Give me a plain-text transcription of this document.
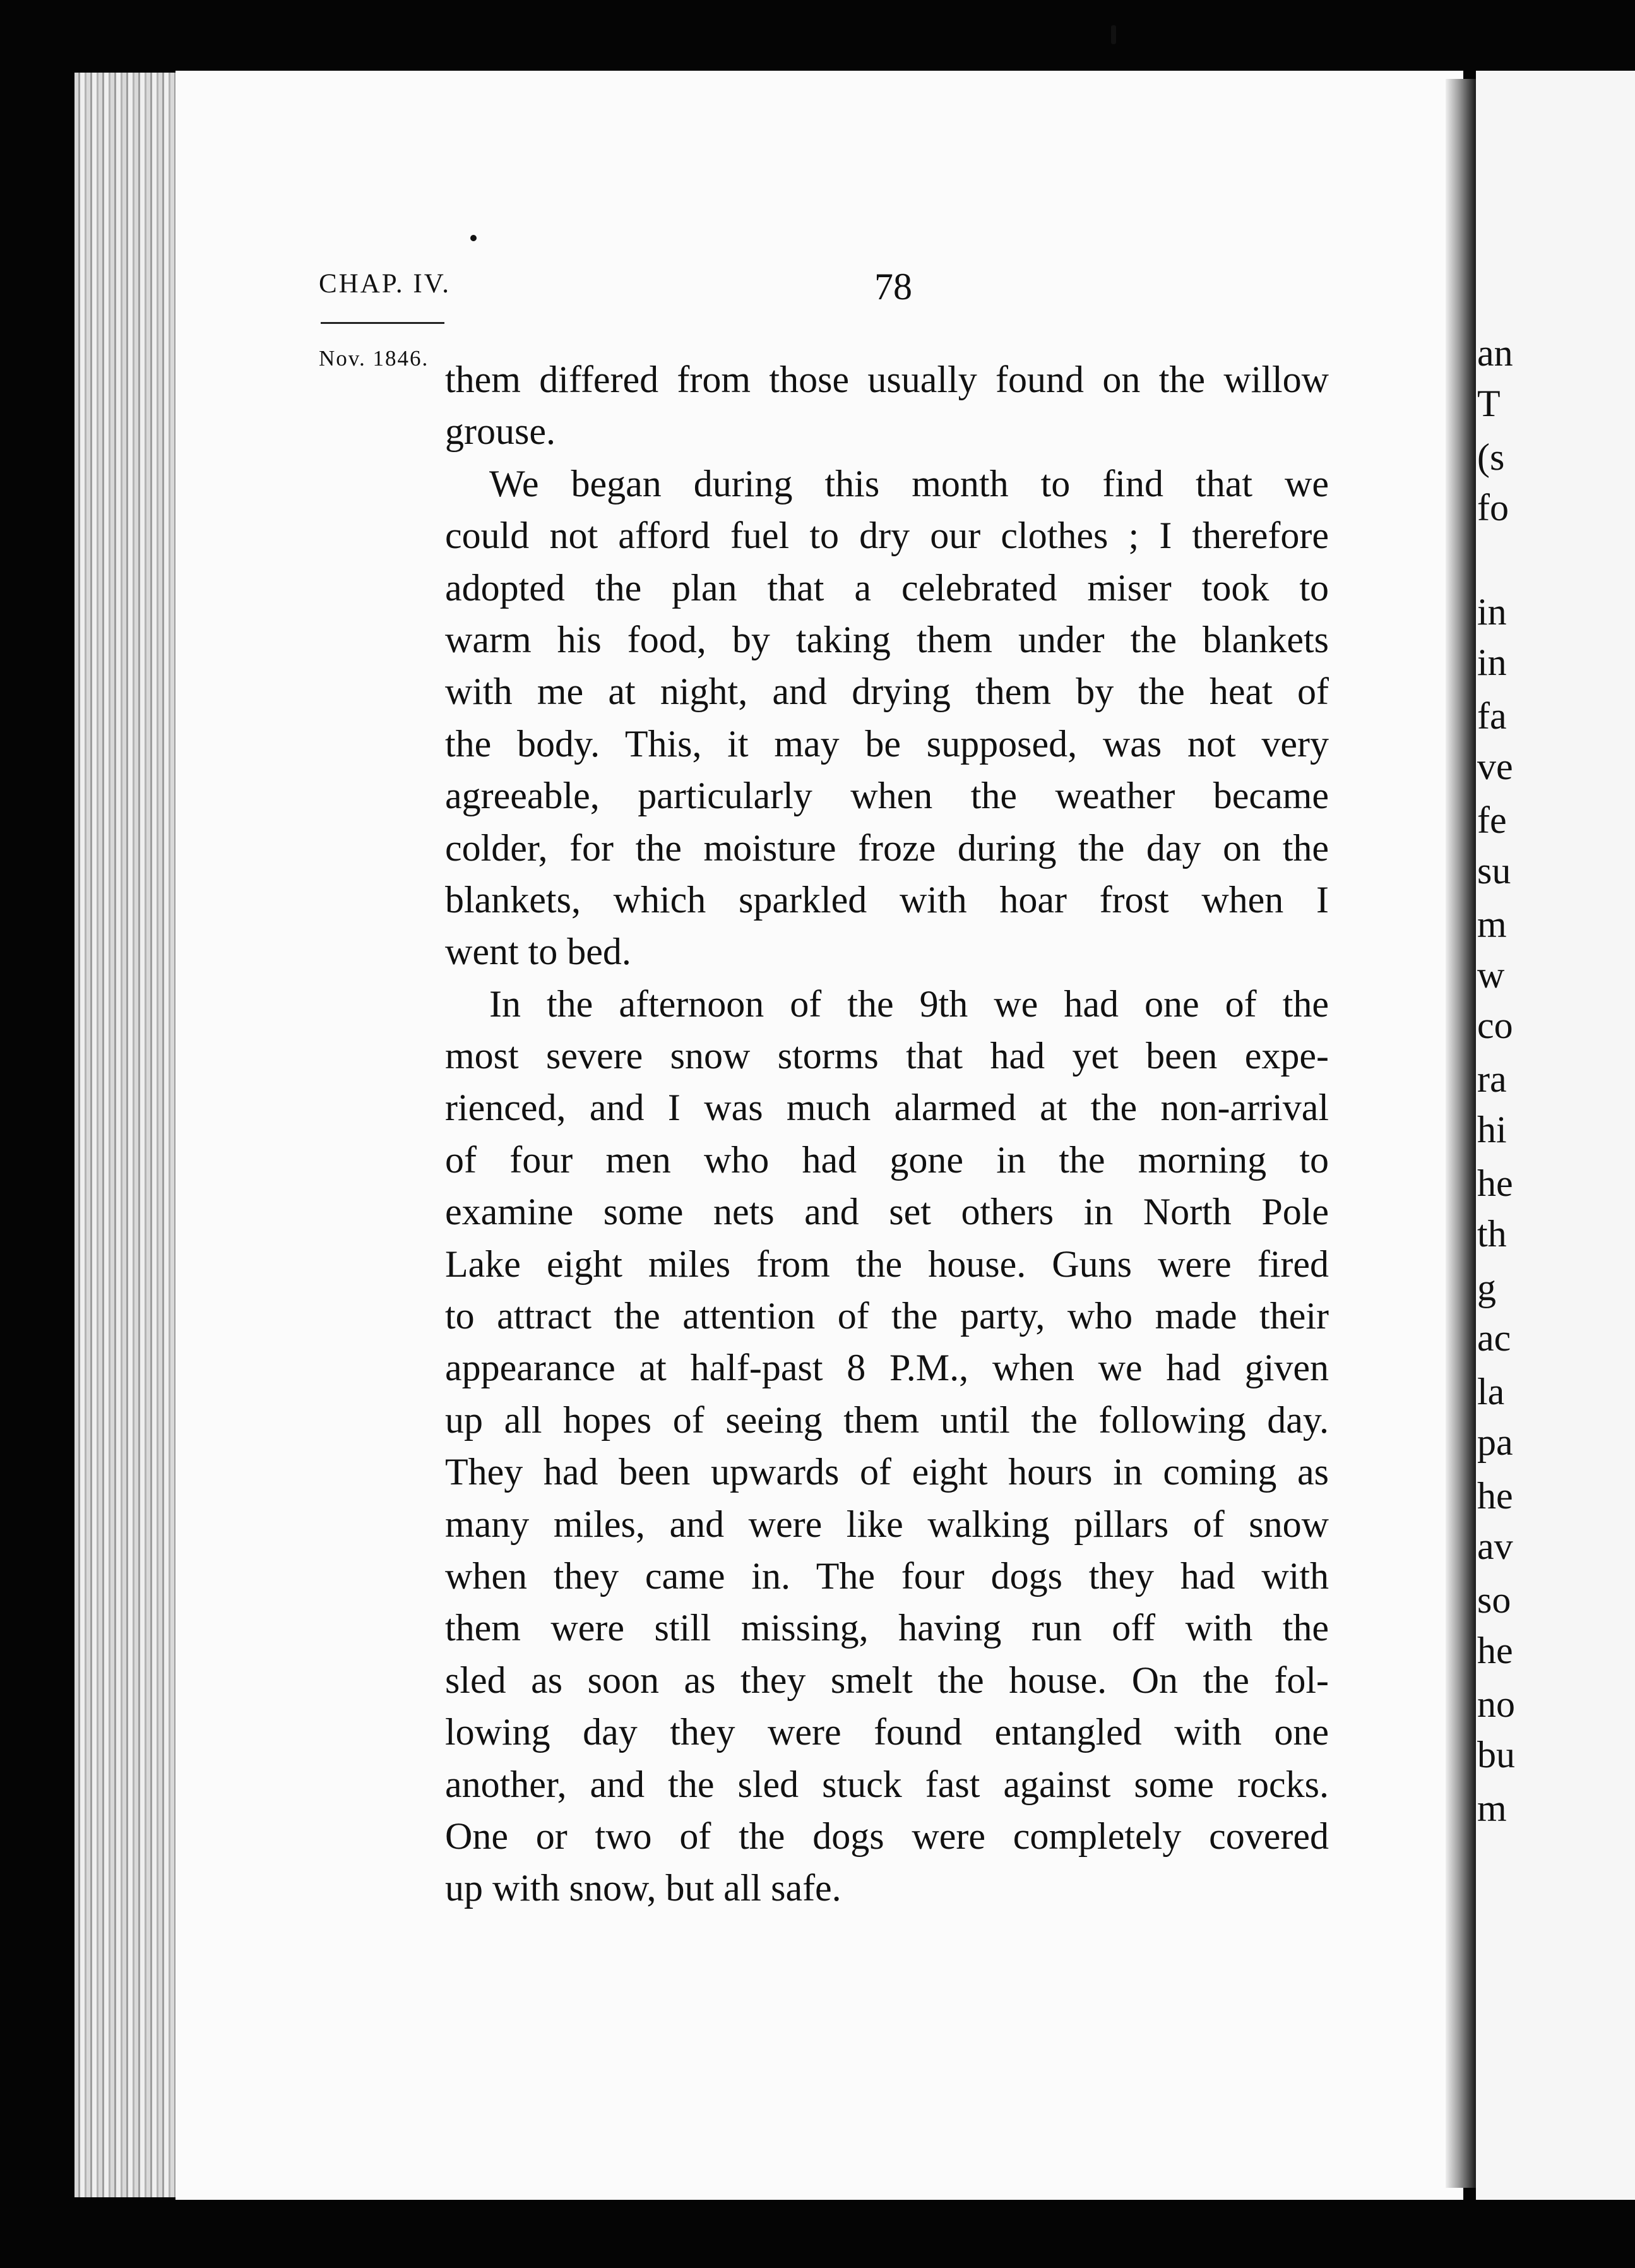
CHAP. IV.	78
Nov. 1846.
them differed from those usually found on the willow
grouse.
We began during this month to find that we
could not afford fuel to dry our clothes ; I therefore
adopted the plan that a celebrated miser took to
warm his food, by taking them under the blankets
with me at night, and drying them by the heat of
the body. This, it may be supposed, was not very
agreeable, particularly when the weather became
colder, for the moisture froze during the day on the
blankets, which sparkled with hoar frost when I
went to bed.
In the afternoon of the 9th we had one of the
most severe snow storms that had yet been expe-
rienced, and I was much alarmed at the non-arrival
of four men who had gone in the morning to
examine some nets and set others in North Pole
Lake eight miles from the house. Guns were fired
to attract the attention of the party, who made their
appearance at half-past 8 P.M., when we had given
up all hopes of seeing them until the following day.
They had been upwards of eight hours in coming as
many miles, and were like walking pillars of snow
when they came in. The four dogs they had with
them were still missing, having run off with the
sled as soon as they smelt the house. On the fol-
lowing day they were found entangled with one
another, and the sled stuck fast against some rocks.
One or two of the dogs were completely covered
up with snow, but all safe.
an
T
(s
fo
in
in
fa
ve
fe
su
m
w
co
ra
hi
he
th
g
ac
la
pa
he
av
so
he
no
bu
m
